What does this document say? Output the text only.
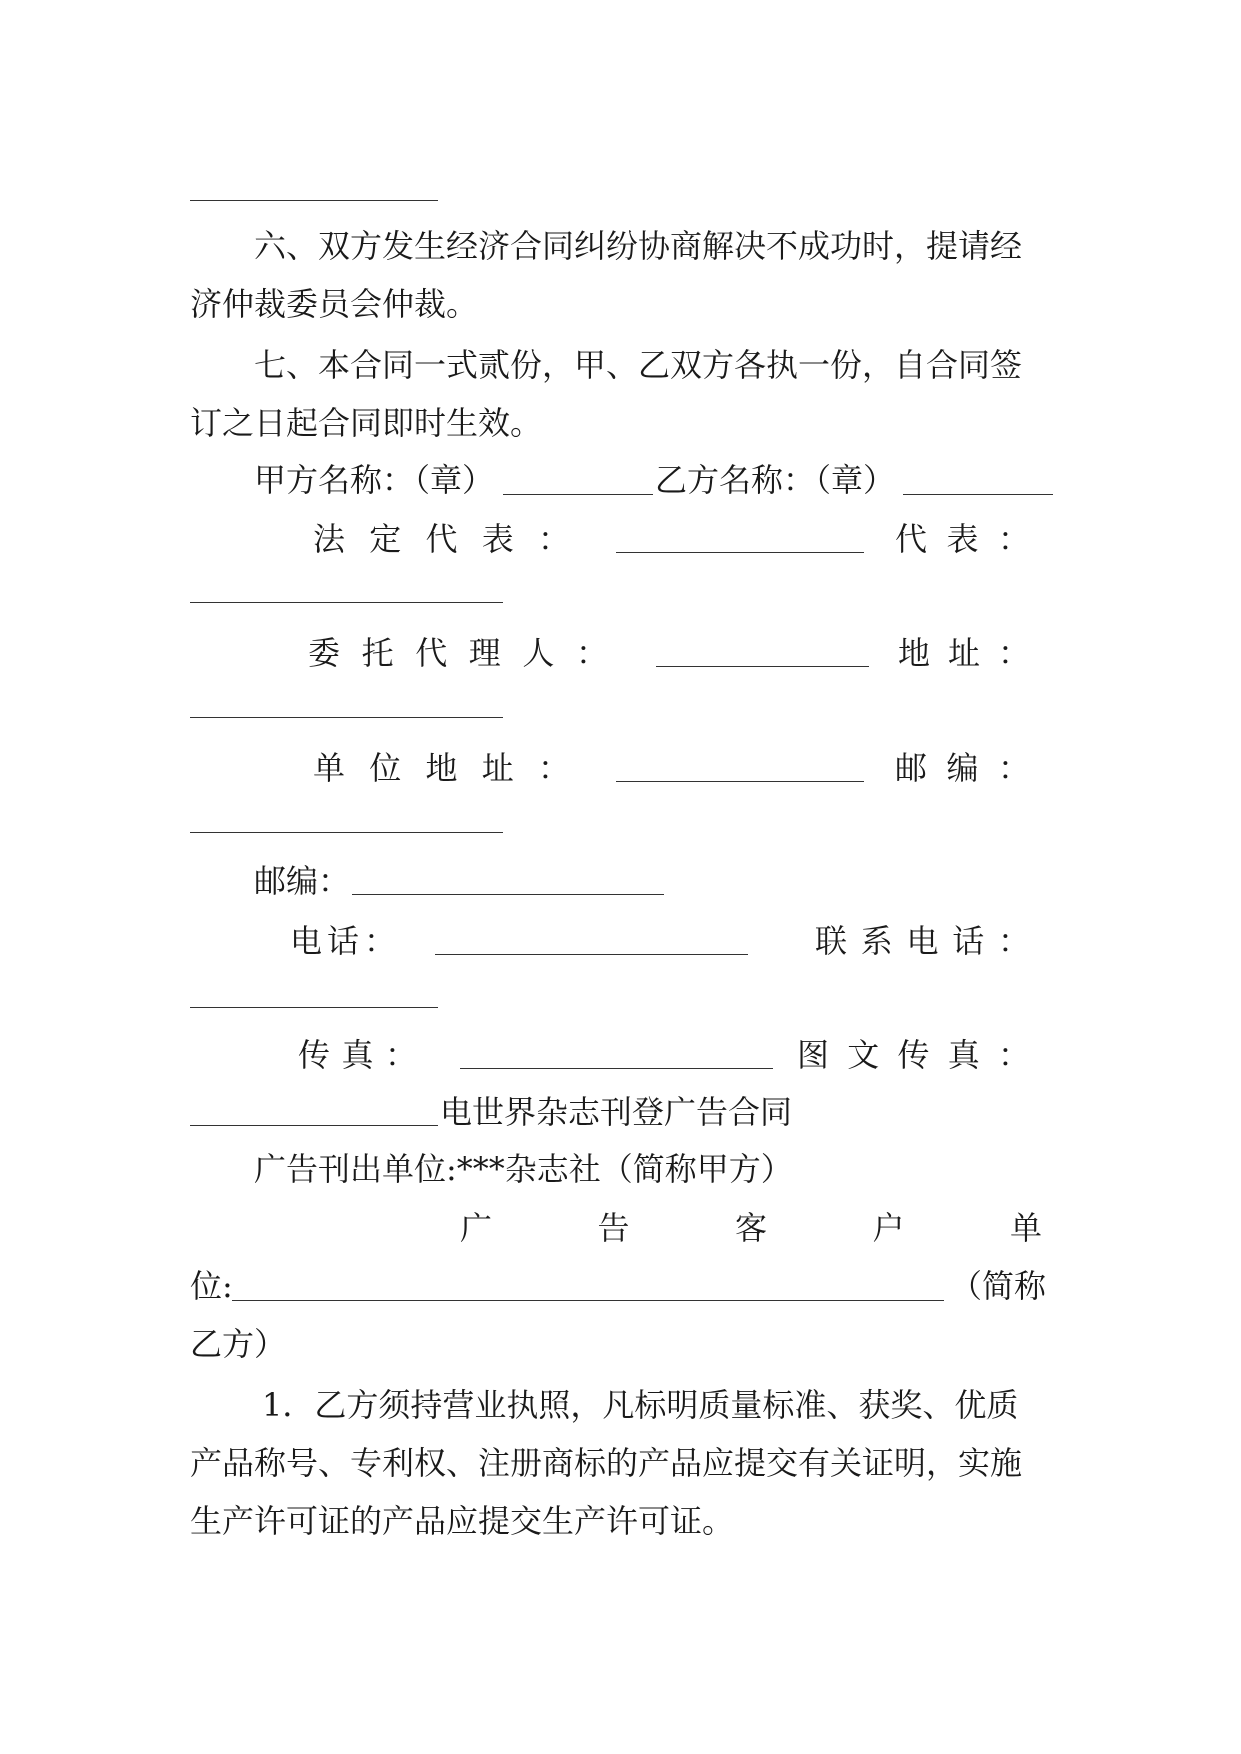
六、双方发生经济合同纠纷协商解决不成功时，提请经
济仲裁委员会仲裁。
七、本合同一式贰份，甲、乙双方各执一份，自合同签
订之日起合同即时生效。
甲方名称：（章）	乙方名称：（章）
法 定 代 表 ：	代 表 ：
委 托 代 理 人 ：	地 址 ：
单 位 地 址 ：	邮 编 ：
邮编：
电 话 ：	联 系 电 话 ：
传 真 ：	图 文 传 真 ：
电世界杂志刊登广告合同
广告刊出单位:***杂志社（简称甲方）
广	告	客	户	单
位:	（简称
乙方）
1．乙方须持营业执照，凡标明质量标准、获奖、优质
产品称号、专利权、注册商标的产品应提交有关证明，实施
生产许可证的产品应提交生产许可证。
